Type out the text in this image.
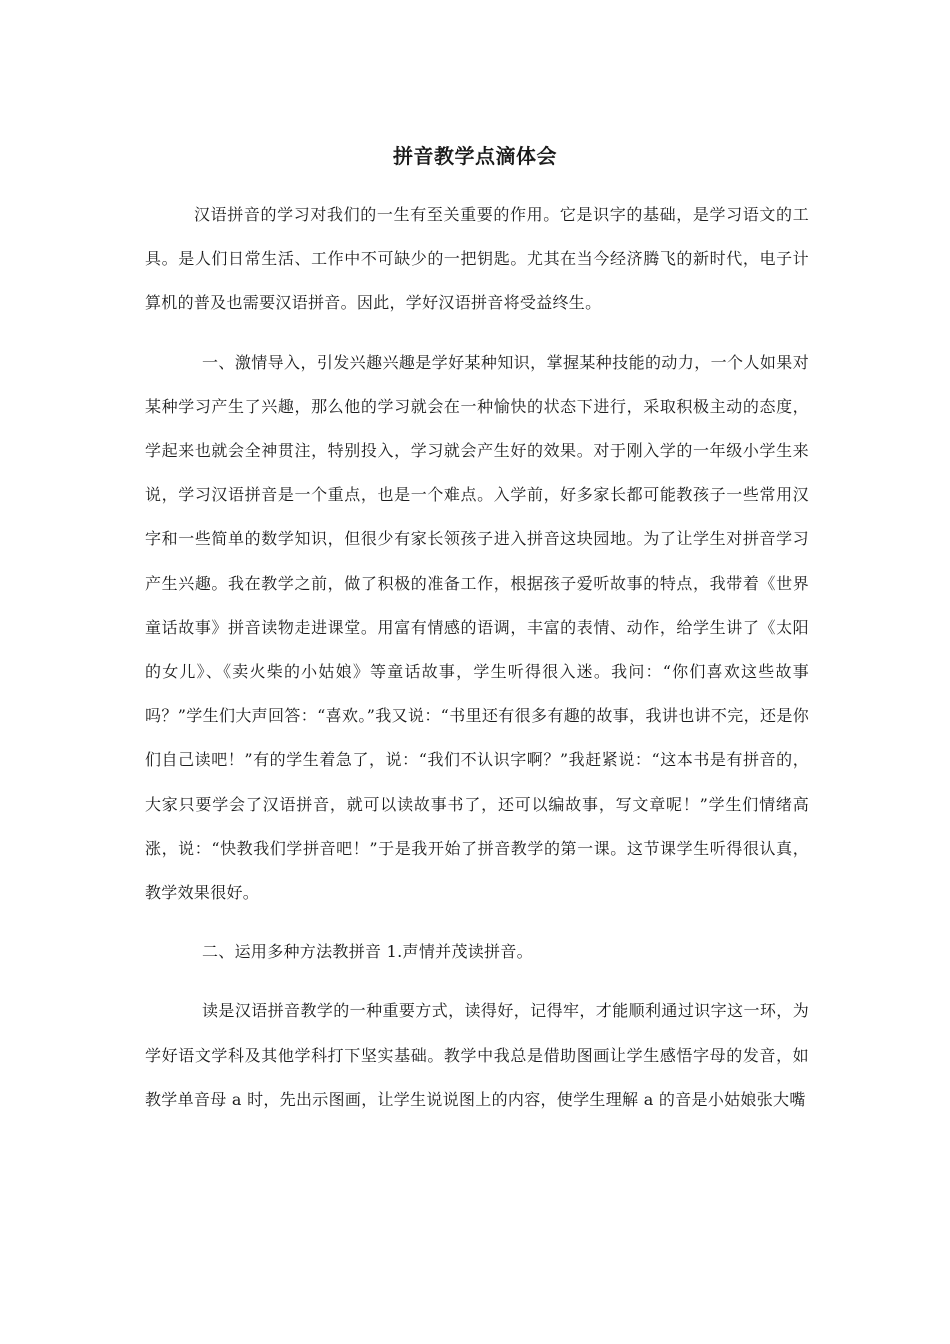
拼音教学点滴体会

汉语拼音的学习对我们的一生有至关重要的作用。它是识字的基础，是学习语文的工具。是人们日常生活、工作中不可缺少的一把钥匙。尤其在当今经济腾飞的新时代，电子计算机的普及也需要汉语拼音。因此，学好汉语拼音将受益终生。

一、激情导入，引发兴趣兴趣是学好某种知识，掌握某种技能的动力，一个人如果对某种学习产生了兴趣，那么他的学习就会在一种愉快的状态下进行，采取积极主动的态度，学起来也就会全神贯注，特别投入，学习就会产生好的效果。对于刚入学的一年级小学生来说，学习汉语拼音是一个重点，也是一个难点。入学前，好多家长都可能教孩子一些常用汉字和一些简单的数学知识，但很少有家长领孩子进入拼音这块园地。为了让学生对拼音学习产生兴趣。我在教学之前，做了积极的准备工作，根据孩子爱听故事的特点，我带着《世界童话故事》拼音读物走进课堂。用富有情感的语调，丰富的表情、动作，给学生讲了《太阳的女儿》、《卖火柴的小姑娘》等童话故事，学生听得很入迷。我问：“你们喜欢这些故事吗？”学生们大声回答：“喜欢。”我又说：“书里还有很多有趣的故事，我讲也讲不完，还是你们自己读吧！”有的学生着急了，说：“我们不认识字啊？”我赶紧说：“这本书是有拼音的，大家只要学会了汉语拼音，就可以读故事书了，还可以编故事，写文章呢！”学生们情绪高涨，说：“快教我们学拼音吧！”于是我开始了拼音教学的第一课。这节课学生听得很认真，教学效果很好。

二、运用多种方法教拼音 1.声情并茂读拼音。

读是汉语拼音教学的一种重要方式，读得好，记得牢，才能顺利通过识字这一环，为学好语文学科及其他学科打下坚实基础。教学中我总是借助图画让学生感悟字母的发音，如教学单音母 a 时，先出示图画，让学生说说图上的内容，使学生理解 a 的音是小姑娘张大嘴
